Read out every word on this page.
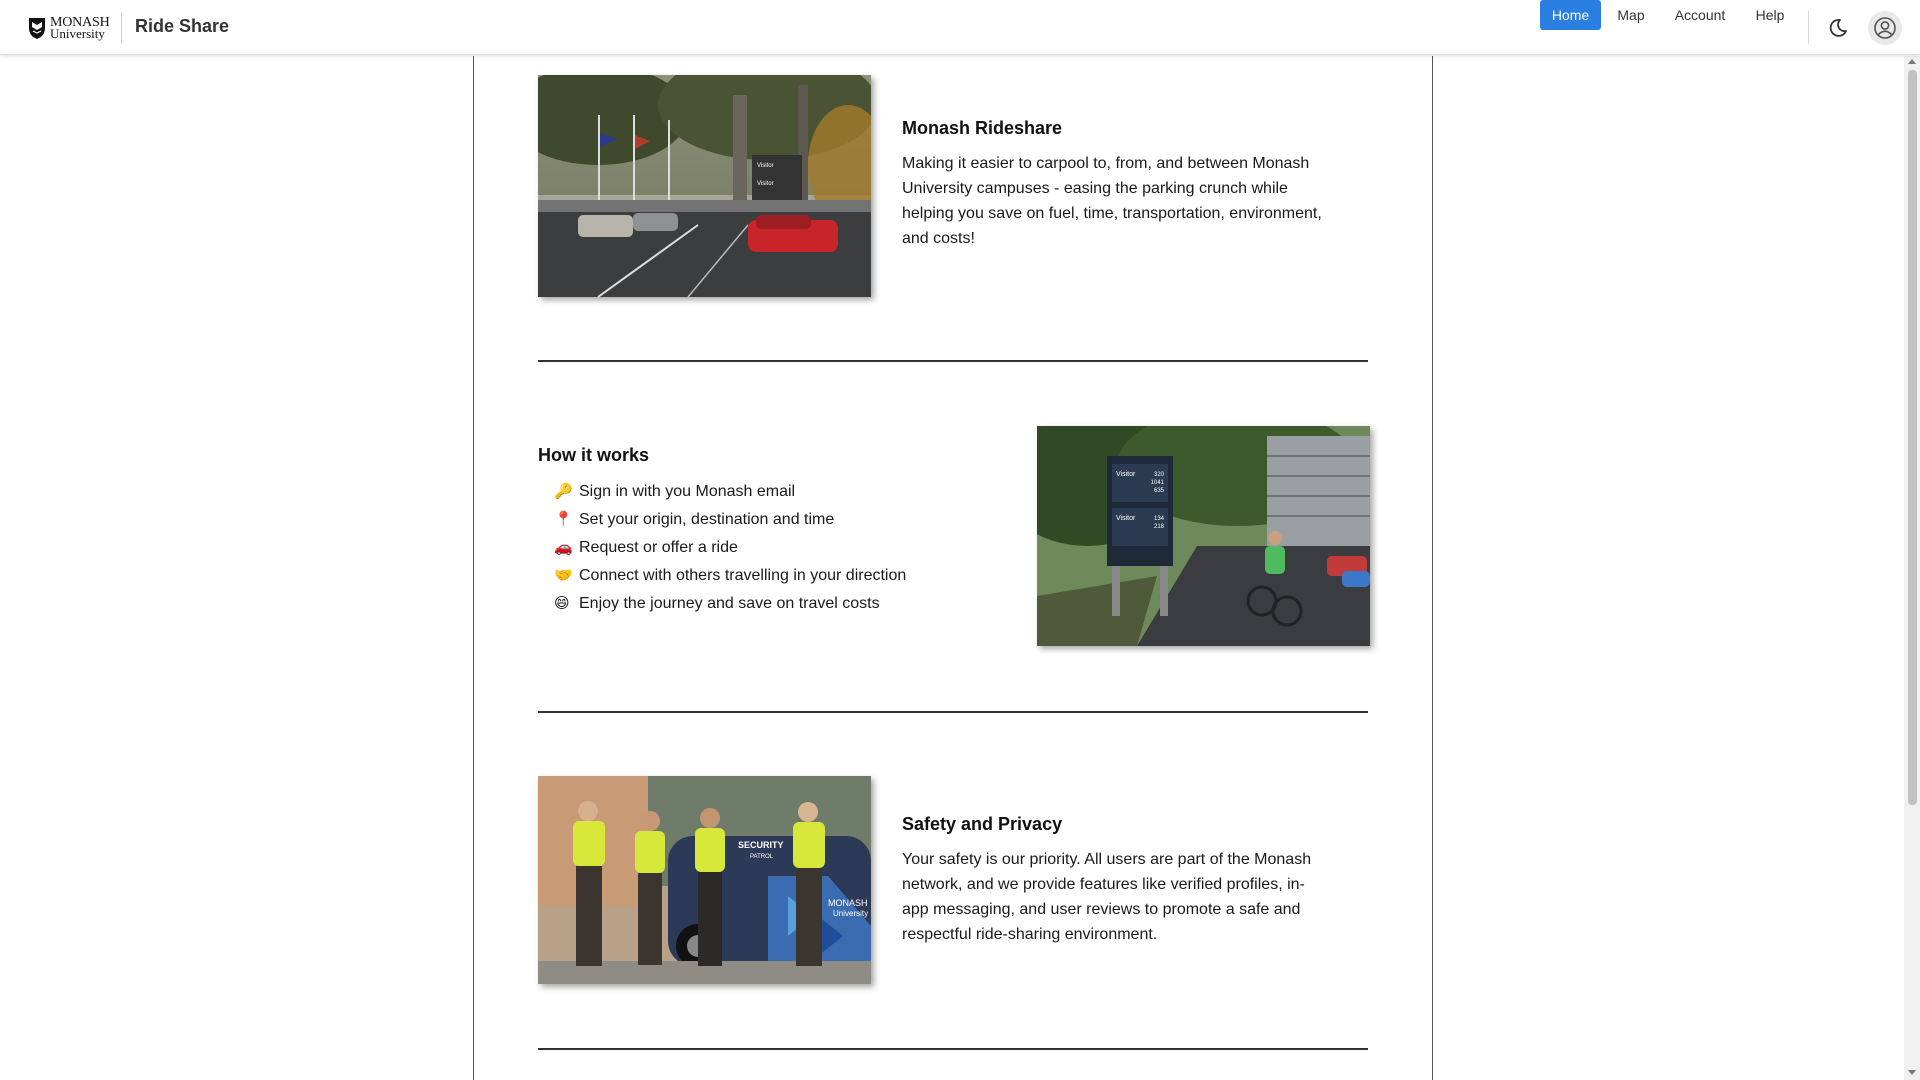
MONASH
University Ride Share
Home	Map	Account	Help
Visitor
Visitor
Monash Rideshare

Making it easier to carpool to, from, and between Monash University campuses - easing the parking crunch while helping you save on fuel, time, transportation, environment, and costs!

How it works
🔑 Sign in with you Monash email
📍 Set your origin, destination and time
🚗 Request or offer a ride
🤝 Connect with others travelling in your direction
😄 Enjoy the journey and save on travel costs
Visitor
Visitor
320
1041
635
134
218
SECURITY
PATROL
MONASH
University
Safety and Privacy

Your safety is our priority. All users are part of the Monash network, and we provide features like verified profiles, in-app messaging, and user reviews to promote a safe and respectful ride-sharing environment.
